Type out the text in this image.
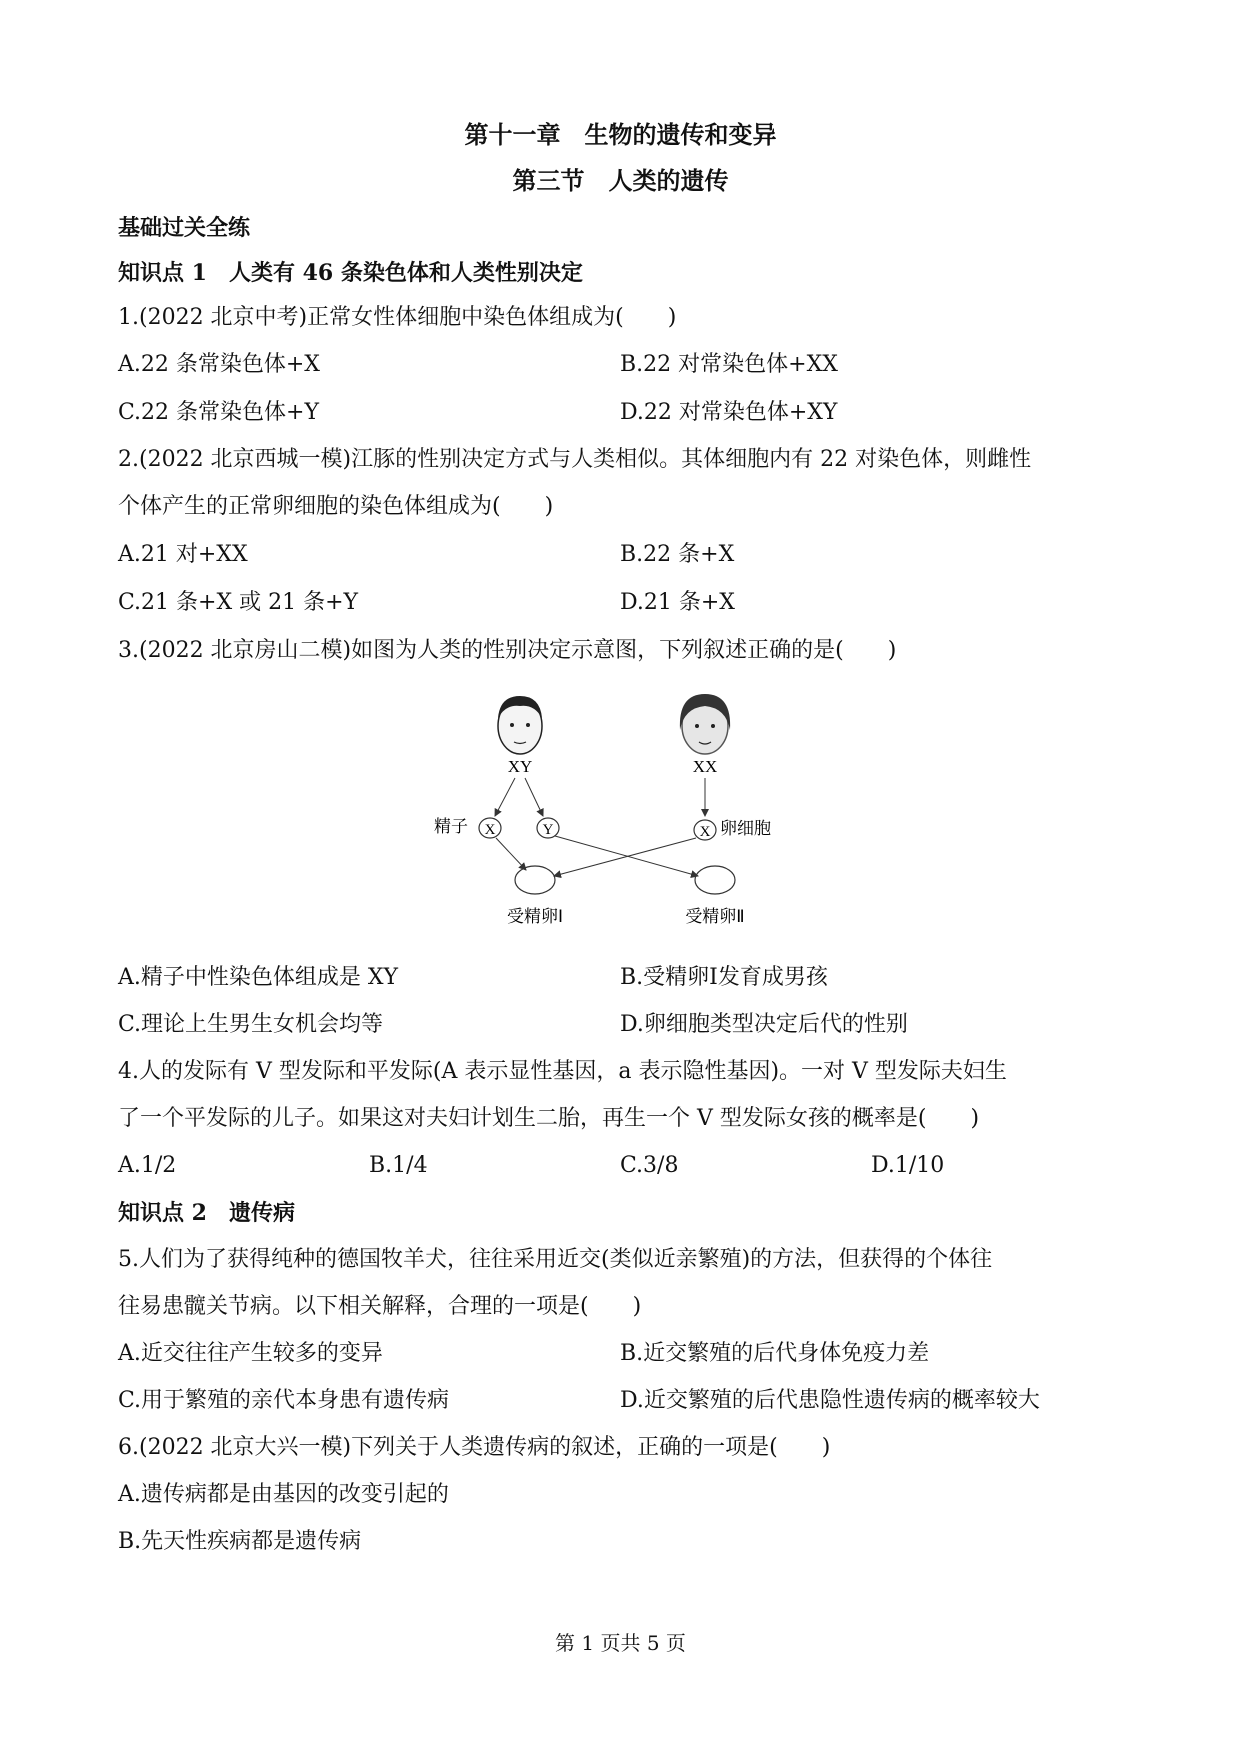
第十一章　生物的遗传和变异
第三节　人类的遗传
基础过关全练
知识点 1　人类有 46 条染色体和人类性别决定
1.(2022 北京中考)正常女性体细胞中染色体组成为(　　)
A.22 条常染色体+X	B.22 对常染色体+XX
C.22 条常染色体+Y	D.22 对常染色体+XY
2.(2022 北京西城一模)江豚的性别决定方式与人类相似。其体细胞内有 22 对染色体，则雌性
个体产生的正常卵细胞的染色体组成为(　　)
A.21 对+XX	B.22 条+X
C.21 条+X 或 21 条+Y	D.21 条+X
3.(2022 北京房山二模)如图为人类的性别决定示意图，下列叙述正确的是(　　)
XY	XX
精子 X	Y	X 卵细胞
受精卵Ⅰ	受精卵Ⅱ
A.精子中性染色体组成是 XY	B.受精卵Ⅰ发育成男孩
C.理论上生男生女机会均等	D.卵细胞类型决定后代的性别
4.人的发际有 V 型发际和平发际(A 表示显性基因，a 表示隐性基因)。一对 V 型发际夫妇生
了一个平发际的儿子。如果这对夫妇计划生二胎，再生一个 V 型发际女孩的概率是(　　)
A.1/2	B.1/4	C.3/8	D.1/10
知识点 2　遗传病
5.人们为了获得纯种的德国牧羊犬，往往采用近交(类似近亲繁殖)的方法，但获得的个体往
往易患髋关节病。以下相关解释，合理的一项是(　　)
A.近交往往产生较多的变异	B.近交繁殖的后代身体免疫力差
C.用于繁殖的亲代本身患有遗传病	D.近交繁殖的后代患隐性遗传病的概率较大
6.(2022 北京大兴一模)下列关于人类遗传病的叙述，正确的一项是(　　)
A.遗传病都是由基因的改变引起的
B.先天性疾病都是遗传病
第 1 页共 5 页
